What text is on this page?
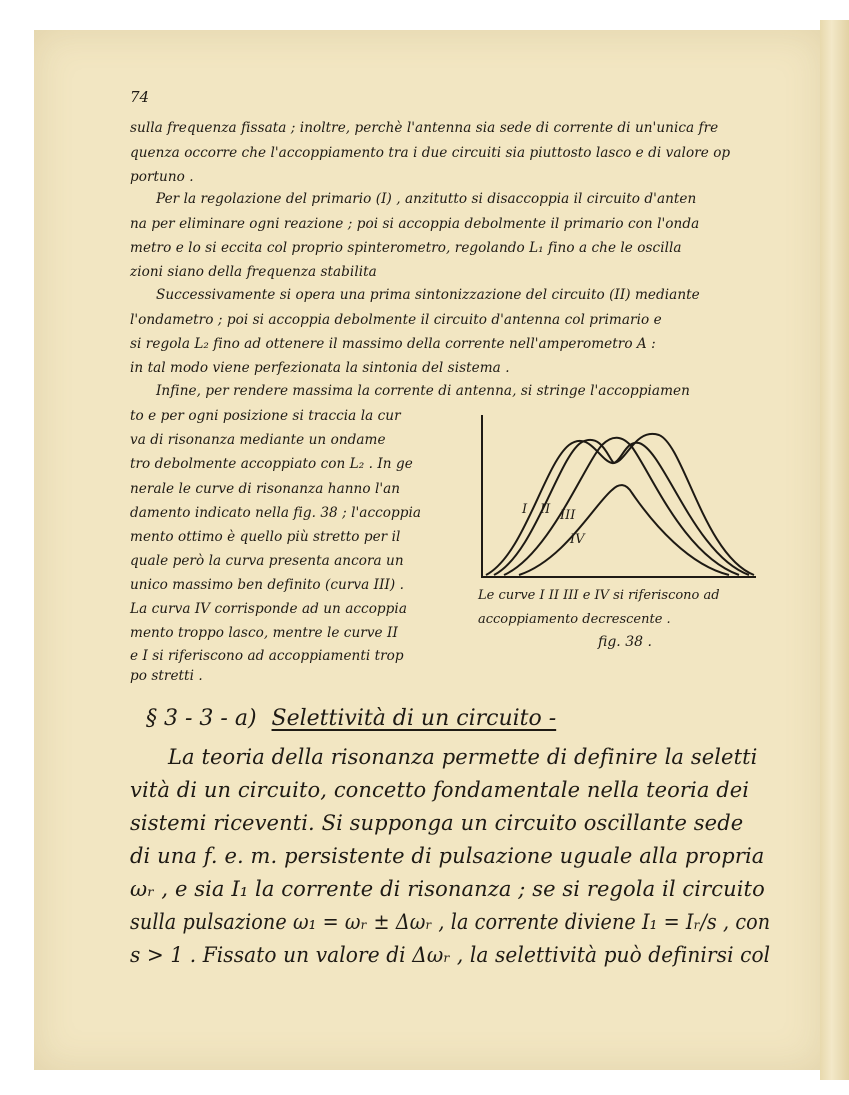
74
sulla frequenza fissata ; inoltre, perchè l'antenna sia sede di corrente di un'unica fre
quenza occorre che l'accoppiamento tra i due circuiti sia piuttosto lasco e di valore op
portuno .
Per la regolazione del primario (I) , anzitutto si disaccoppia il circuito d'anten
na per eliminare ogni reazione ; poi si accoppia debolmente il primario con l'onda
metro e lo si eccita col proprio spinterometro, regolando L₁ fino a che le oscilla
zioni siano della frequenza stabilita
Successivamente si opera una prima sintonizzazione del circuito (II) mediante
l'ondametro ; poi si accoppia debolmente il circuito d'antenna col primario e
si regola L₂ fino ad ottenere il massimo della corrente nell'amperometro A :
in tal modo viene perfezionata la sintonia del sistema .
Infine, per rendere massima la corrente di antenna, si stringe l'accoppiamen
to e per ogni posizione si traccia la cur
va di risonanza mediante un ondame
tro debolmente accoppiato con L₂ . In ge
nerale le curve di risonanza hanno l'an
damento indicato nella fig. 38 ; l'accoppia
mento ottimo è quello più stretto per il
quale però la curva presenta ancora un
unico massimo ben definito (curva III) .
La curva IV corrisponde ad un accoppia
mento troppo lasco, mentre le curve II
e I si riferiscono ad accoppiamenti trop
po stretti .
I II III
IV
Le curve I II III e IV si riferiscono ad
accoppiamento decrescente .
fig. 38 .
§ 3 - 3 - a) Selettività di un circuito -
La teoria della risonanza permette di definire la seletti
vità di un circuito, concetto fondamentale nella teoria dei
sistemi riceventi. Si supponga un circuito oscillante sede
di una f. e. m. persistente di pulsazione uguale alla propria
ωᵣ , e sia I₁ la corrente di risonanza ; se si regola il circuito
sulla pulsazione ω₁ = ωᵣ ± Δωᵣ , la corrente diviene I₁ = Iᵣ/s , con
s > 1 . Fissato un valore di Δωᵣ , la selettività può definirsi col
